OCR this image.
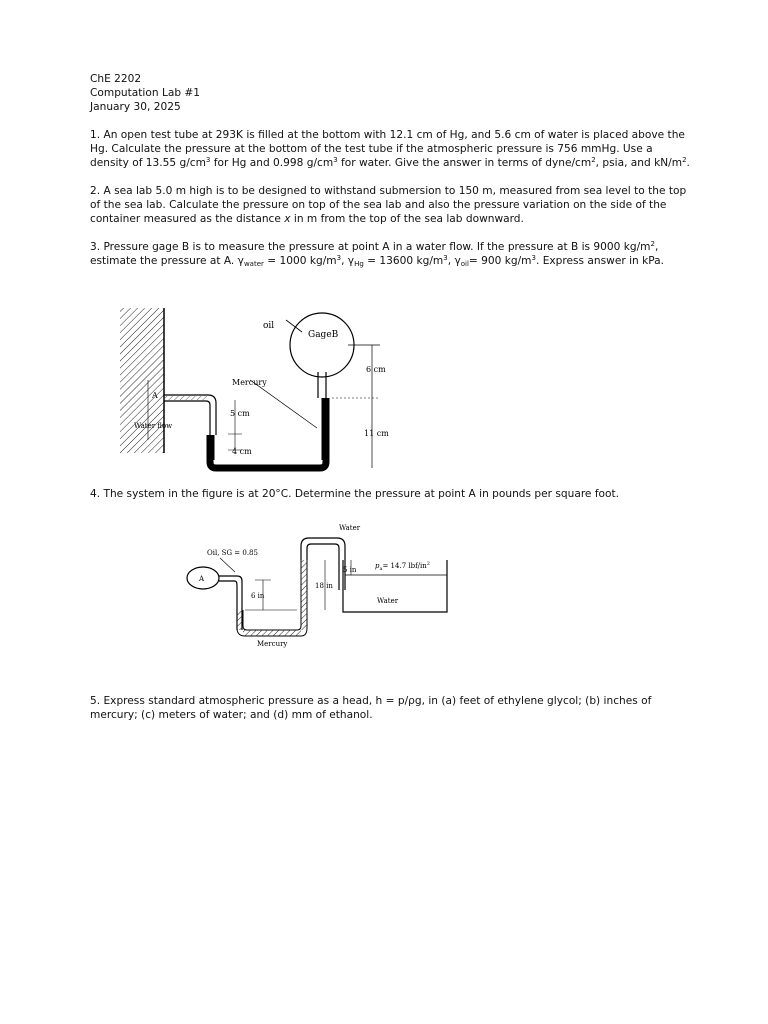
ChE 2202
Computation Lab #1
January 30, 2025
1. An open test tube at 293K is filled at the bottom with 12.1 cm of Hg, and 5.6 cm of water is placed above the Hg. Calculate the pressure at the bottom of the test tube if the atmospheric pressure is 756 mmHg. Use a density of 13.55 $g/cm^3$ for Hg and 0.998 $g/cm^3$ for water. Give the answer in terms of dyne/$cm^2$, psia, and $kN/m^2$.
2. A sea lab 5.0 m high is to be designed to withstand submersion to 150 m, measured from sea level to the top of the sea lab. Calculate the pressure on top of the sea lab and also the pressure variation on the side of the container measured as the distance x in m from the top of the sea lab downward.
3. Pressure gage B is to measure the pressure at point A in a water flow. If the pressure at B is 9000 $kg/m^2$, estimate the pressure at A. $\gamma_{water} = 1000$ $kg/m^3$, $\gamma_{Hg} = 13600$ $kg/m^3$, $\gamma_{oil}= 900$ $kg/m^3$. Express answer in kPa.
oil
GageB
Mercury
6 cm
5 cm
11 cm
4 cm
A
Water flow
4. The system in the figure is at 20°C. Determine the pressure at point A in pounds per square foot.
Water
Oil, SG = 0.85
5 in	$p_a= 14.7$ lbf/$in^2$
18 in
6 in
A
Water
Mercury
5. Express standard atmospheric pressure as a head, h = p/ρg, in (a) feet of ethylene glycol; (b) inches of mercury; (c) meters of water; and (d) mm of ethanol.
